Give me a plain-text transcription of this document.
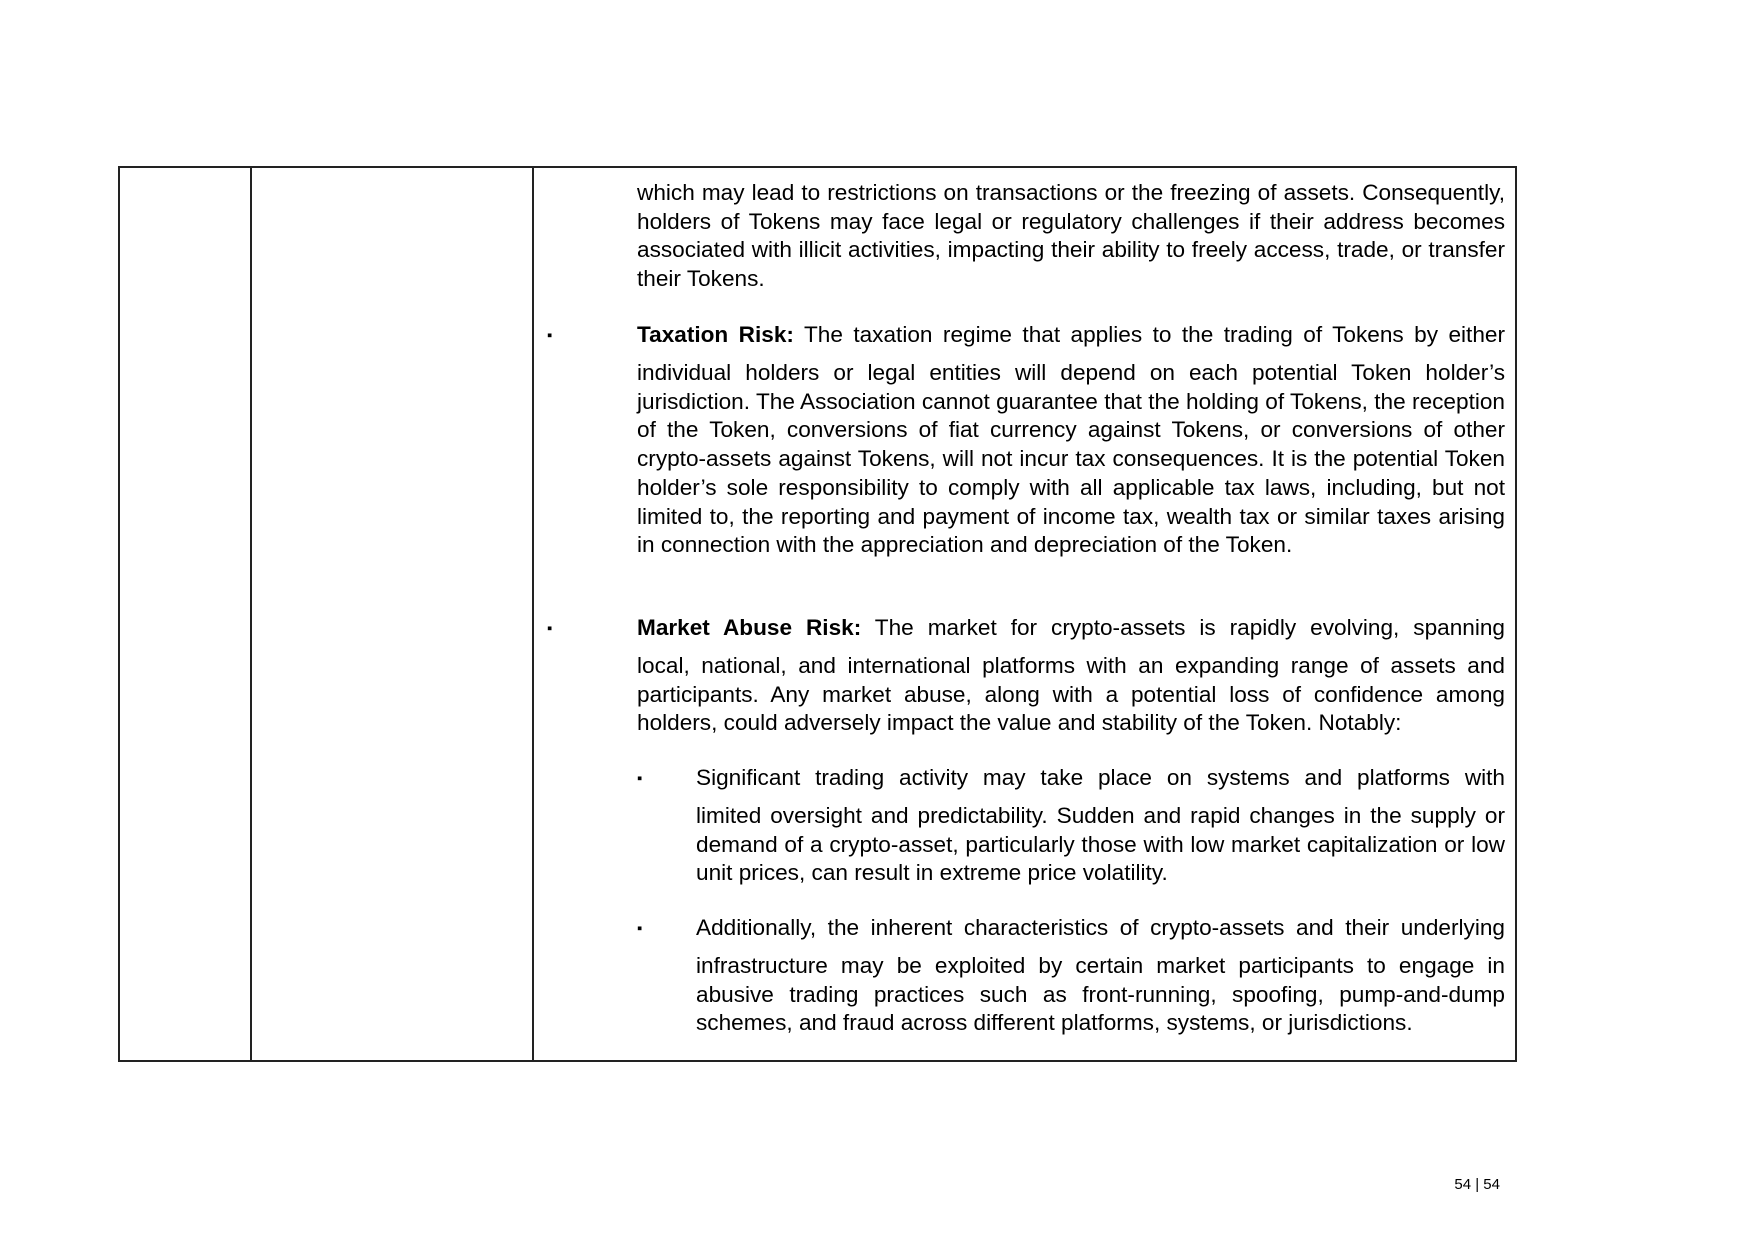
which may lead to restrictions on transactions or the freezing of assets. Consequently, holders of Tokens may face legal or regulatory challenges if their address becomes associated with illicit activities, impacting their ability to freely access, trade, or transfer their Tokens.

▪	Taxation Risk: The taxation regime that applies to the trading of Tokens by either

individual holders or legal entities will depend on each potential Token holder’s jurisdiction. The Association cannot guarantee that the holding of Tokens, the reception of the Token, conversions of fiat currency against Tokens, or conversions of other crypto-assets against Tokens, will not incur tax consequences. It is the potential Token holder’s sole responsibility to comply with all applicable tax laws, including, but not limited to, the reporting and payment of income tax, wealth tax or similar taxes arising in connection with the appreciation and depreciation of the Token.

▪	Market Abuse Risk: The market for crypto-assets is rapidly evolving, spanning

local, national, and international platforms with an expanding range of assets and participants. Any market abuse, along with a potential loss of confidence among holders, could adversely impact the value and stability of the Token. Notably:

▪ Significant trading activity may take place on systems and platforms with

limited oversight and predictability. Sudden and rapid changes in the supply or demand of a crypto-asset, particularly those with low market capitalization or low unit prices, can result in extreme price volatility.

▪ Additionally, the inherent characteristics of crypto-assets and their underlying

infrastructure may be exploited by certain market participants to engage in abusive trading practices such as front-running, spoofing, pump-and-dump schemes, and fraud across different platforms, systems, or jurisdictions.

54 | 54
